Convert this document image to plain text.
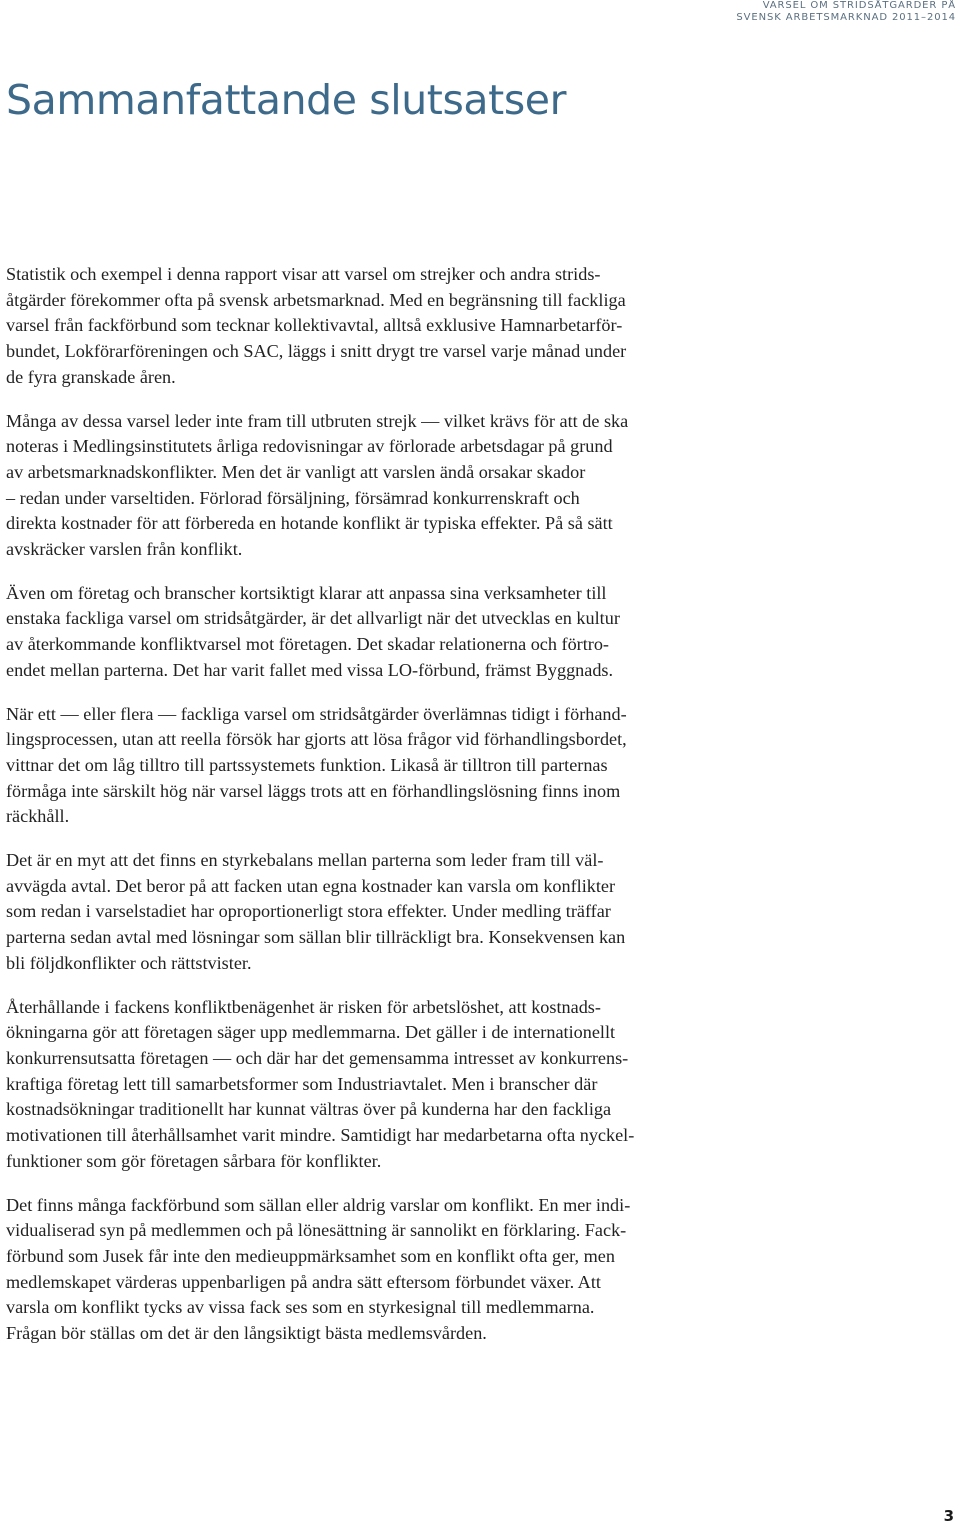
VARSEL OM STRIDSÅTGÄRDER PÅ
SVENSK ARBETSMARKNAD 2011–2014
Sammanfattande slutsatser

Statistik och exempel i denna rapport visar att varsel om strejker och andra strids-
åtgärder förekommer ofta på svensk arbetsmarknad. Med en begränsning till fackliga
varsel från fackförbund som tecknar kollektivavtal, alltså exklusive Hamnarbetarför-
bundet, Lokförarföreningen och SAC, läggs i snitt drygt tre varsel varje månad under
de fyra granskade åren.

Många av dessa varsel leder inte fram till utbruten strejk — vilket krävs för att de ska
noteras i Medlingsinstitutets årliga redovisningar av förlorade arbetsdagar på grund
av arbetsmarknadskonflikter. Men det är vanligt att varslen ändå orsakar skador
– redan under varseltiden. Förlorad försäljning, försämrad konkurrenskraft och
direkta kostnader för att förbereda en hotande konflikt är typiska effekter. På så sätt
avskräcker varslen från konflikt.

Även om företag och branscher kortsiktigt klarar att anpassa sina verksamheter till
enstaka fackliga varsel om stridsåtgärder, är det allvarligt när det utvecklas en kultur
av återkommande konfliktvarsel mot företagen. Det skadar relationerna och förtro-
endet mellan parterna. Det har varit fallet med vissa LO-förbund, främst Byggnads.

När ett — eller flera — fackliga varsel om stridsåtgärder överlämnas tidigt i förhand-
lingsprocessen, utan att reella försök har gjorts att lösa frågor vid förhandlingsbordet,
vittnar det om låg tilltro till partssystemets funktion. Likaså är tilltron till parternas
förmåga inte särskilt hög när varsel läggs trots att en förhandlingslösning finns inom
räckhåll.

Det är en myt att det finns en styrkebalans mellan parterna som leder fram till väl-
avvägda avtal. Det beror på att facken utan egna kostnader kan varsla om konflikter
som redan i varselstadiet har oproportionerligt stora effekter. Under medling träffar
parterna sedan avtal med lösningar som sällan blir tillräckligt bra. Konsekvensen kan
bli följdkonflikter och rättstvister.

Återhållande i fackens konfliktbenägenhet är risken för arbetslöshet, att kostnads-
ökningarna gör att företagen säger upp medlemmarna. Det gäller i de internationellt
konkurrensutsatta företagen — och där har det gemensamma intresset av konkurrens-
kraftiga företag lett till samarbetsformer som Industriavtalet. Men i branscher där
kostnadsökningar traditionellt har kunnat vältras över på kunderna har den fackliga
motivationen till återhållsamhet varit mindre. Samtidigt har medarbetarna ofta nyckel-
funktioner som gör företagen sårbara för konflikter.

Det finns många fackförbund som sällan eller aldrig varslar om konflikt. En mer indi-
vidualiserad syn på medlemmen och på lönesättning är sannolikt en förklaring. Fack-
förbund som Jusek får inte den medieuppmärksamhet som en konflikt ofta ger, men
medlemskapet värderas uppenbarligen på andra sätt eftersom förbundet växer. Att
varsla om konflikt tycks av vissa fack ses som en styrkesignal till medlemmarna.
Frågan bör ställas om det är den långsiktigt bästa medlemsvården.

3
